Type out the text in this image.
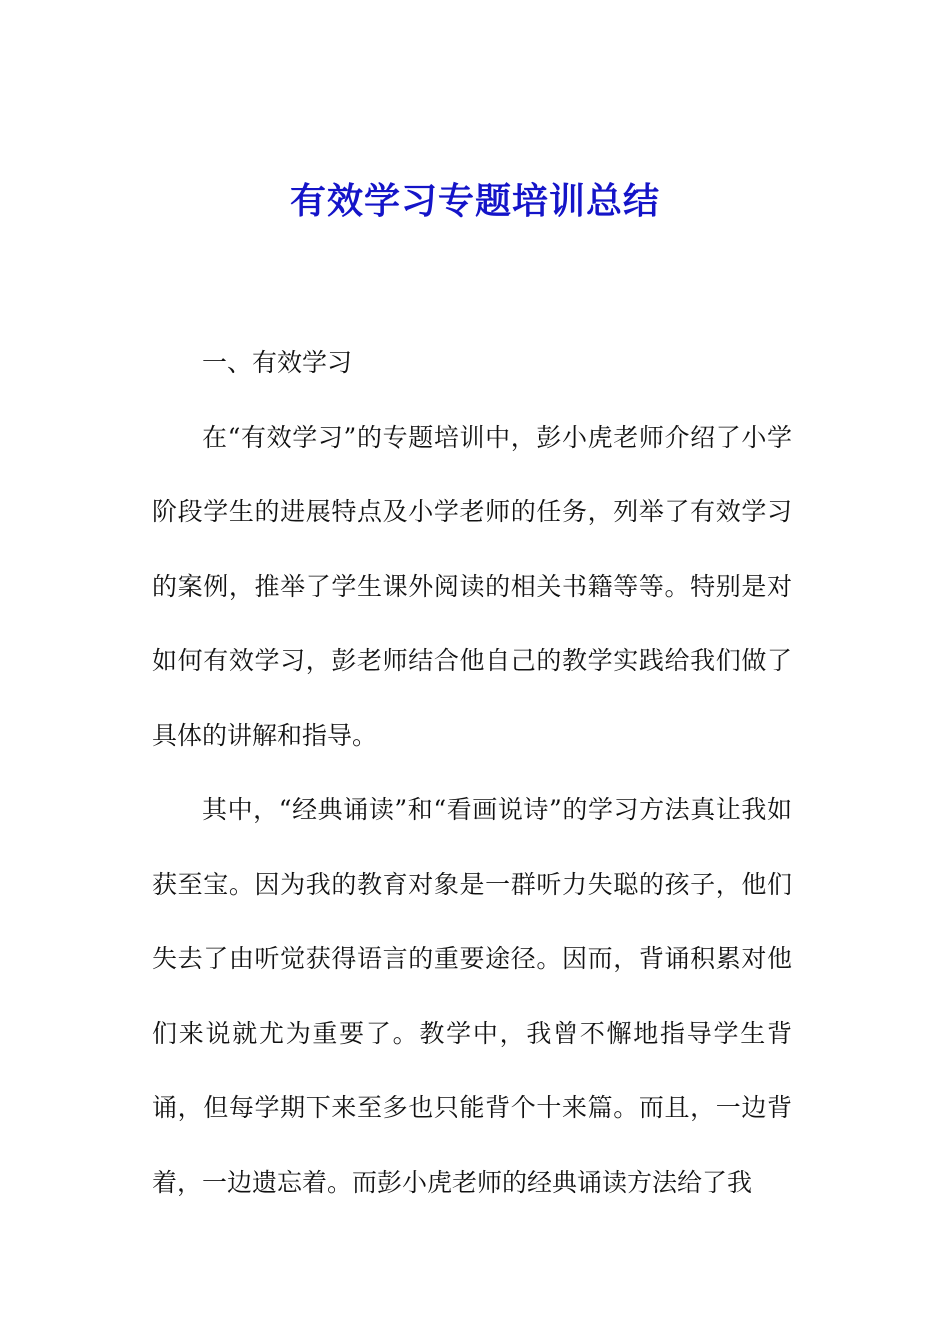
有效学习专题培训总结

一、有效学习

在“有效学习”的专题培训中，彭小虎老师介绍了小学阶段学生的进展特点及小学老师的任务，列举了有效学习的案例，推举了学生课外阅读的相关书籍等等。特别是对如何有效学习，彭老师结合他自己的教学实践给我们做了具体的讲解和指导。

其中，“经典诵读”和“看画说诗”的学习方法真让我如获至宝。因为我的教育对象是一群听力失聪的孩子，他们失去了由听觉获得语言的重要途径。因而，背诵积累对他们来说就尤为重要了。教学中，我曾不懈地指导学生背诵，但每学期下来至多也只能背个十来篇。而且，一边背着，一边遗忘着。而彭小虎老师的经典诵读方法给了我
